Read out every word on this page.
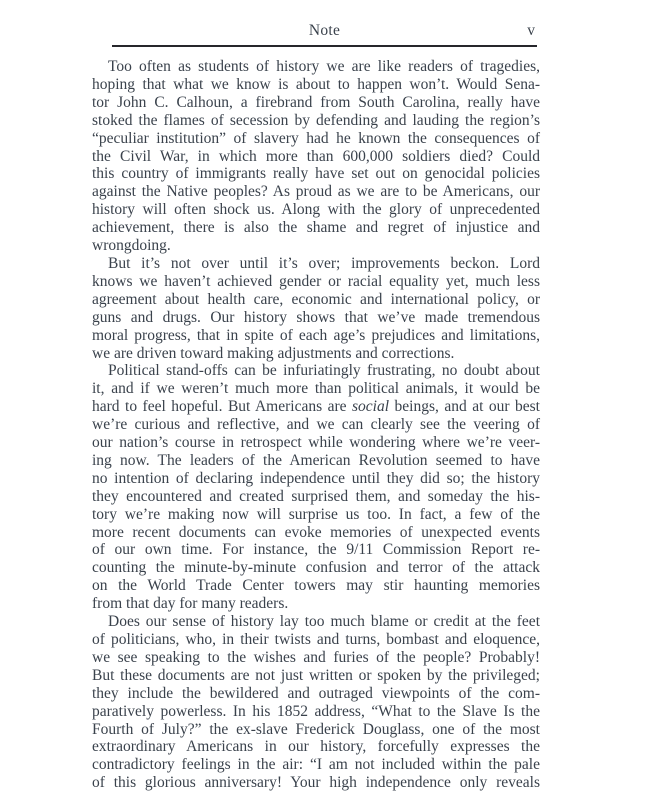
Note	v
Too often as students of history we are like readers of tragedies,
hoping that what we know is about to happen won’t. Would Sena-
tor John C. Calhoun, a firebrand from South Carolina, really have
stoked the flames of secession by defending and lauding the region’s
“peculiar institution” of slavery had he known the consequences of
the Civil War, in which more than 600,000 soldiers died? Could
this country of immigrants really have set out on genocidal policies
against the Native peoples? As proud as we are to be Americans, our
history will often shock us. Along with the glory of unprecedented
achievement, there is also the shame and regret of injustice and
wrongdoing.
But it’s not over until it’s over; improvements beckon. Lord
knows we haven’t achieved gender or racial equality yet, much less
agreement about health care, economic and international policy, or
guns and drugs. Our history shows that we’ve made tremendous
moral progress, that in spite of each age’s prejudices and limitations,
we are driven toward making adjustments and corrections.
Political stand-offs can be infuriatingly frustrating, no doubt about
it, and if we weren’t much more than political animals, it would be
hard to feel hopeful. But Americans are social beings, and at our best
we’re curious and reflective, and we can clearly see the veering of
our nation’s course in retrospect while wondering where we’re veer-
ing now. The leaders of the American Revolution seemed to have
no intention of declaring independence until they did so; the history
they encountered and created surprised them, and someday the his-
tory we’re making now will surprise us too. In fact, a few of the
more recent documents can evoke memories of unexpected events
of our own time. For instance, the 9/11 Commission Report re-
counting the minute-by-minute confusion and terror of the attack
on the World Trade Center towers may stir haunting memories
from that day for many readers.
Does our sense of history lay too much blame or credit at the feet
of politicians, who, in their twists and turns, bombast and eloquence,
we see speaking to the wishes and furies of the people? Probably!
But these documents are not just written or spoken by the privileged;
they include the bewildered and outraged viewpoints of the com-
paratively powerless. In his 1852 address, “What to the Slave Is the
Fourth of July?” the ex-slave Frederick Douglass, one of the most
extraordinary Americans in our history, forcefully expresses the
contradictory feelings in the air: “I am not included within the pale
of this glorious anniversary! Your high independence only reveals
